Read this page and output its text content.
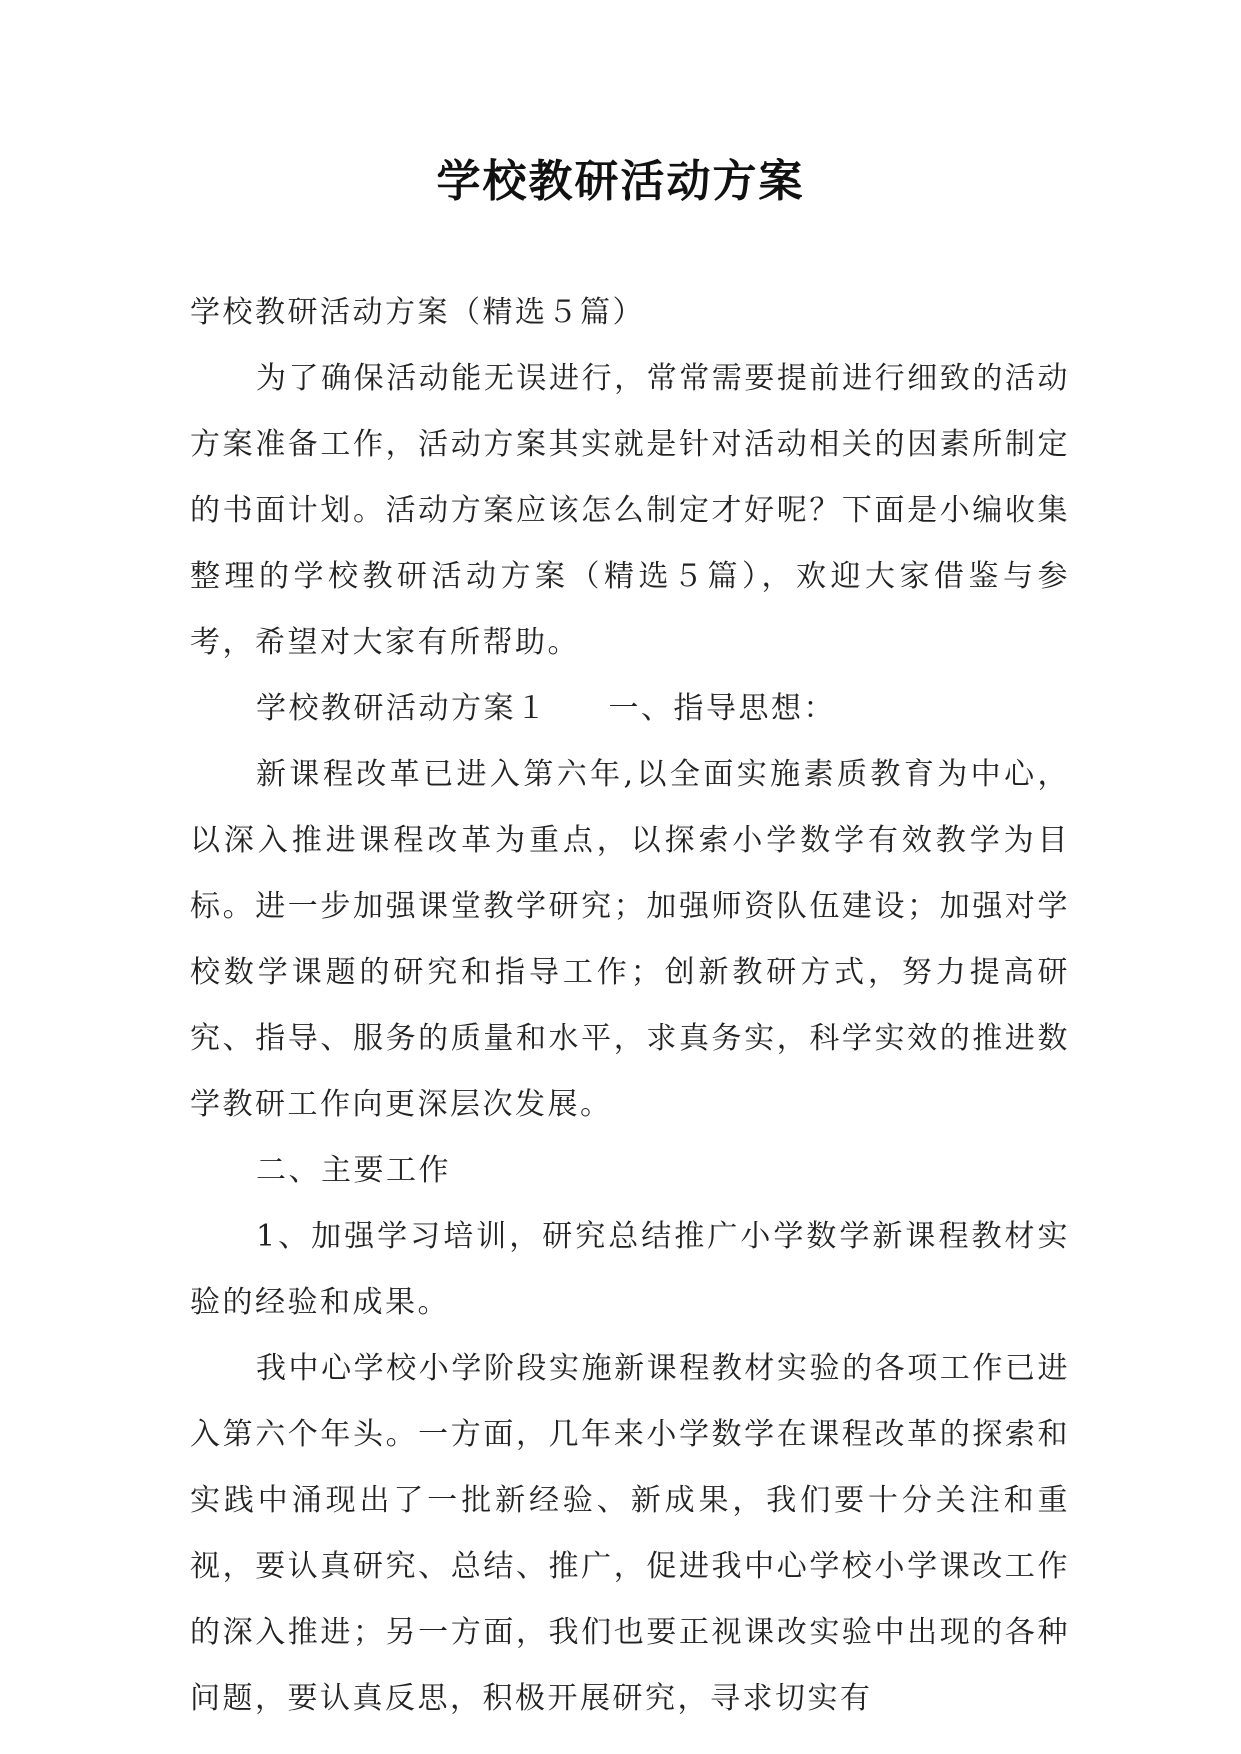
学校教研活动方案

学校教研活动方案（精选５篇）

为了确保活动能无误进行，常常需要提前进行细致的活动方案准备工作，活动方案其实就是针对活动相关的因素所制定的书面计划。活动方案应该怎么制定才好呢？下面是小编收集整理的学校教研活动方案（精选５篇），欢迎大家借鉴与参考，希望对大家有所帮助。

学校教研活动方案１ 一、指导思想：

新课程改革已进入第六年,以全面实施素质教育为中心，以深入推进课程改革为重点，以探索小学数学有效教学为目标。进一步加强课堂教学研究；加强师资队伍建设；加强对学校数学课题的研究和指导工作；创新教研方式，努力提高研究、指导、服务的质量和水平，求真务实，科学实效的推进数学教研工作向更深层次发展。

二、主要工作

1、加强学习培训，研究总结推广小学数学新课程教材实验的经验和成果。

我中心学校小学阶段实施新课程教材实验的各项工作已进入第六个年头。一方面，几年来小学数学在课程改革的探索和实践中涌现出了一批新经验、新成果，我们要十分关注和重视，要认真研究、总结、推广，促进我中心学校小学课改工作的深入推进；另一方面，我们也要正视课改实验中出现的各种问题，要认真反思，积极开展研究，寻求切实有
